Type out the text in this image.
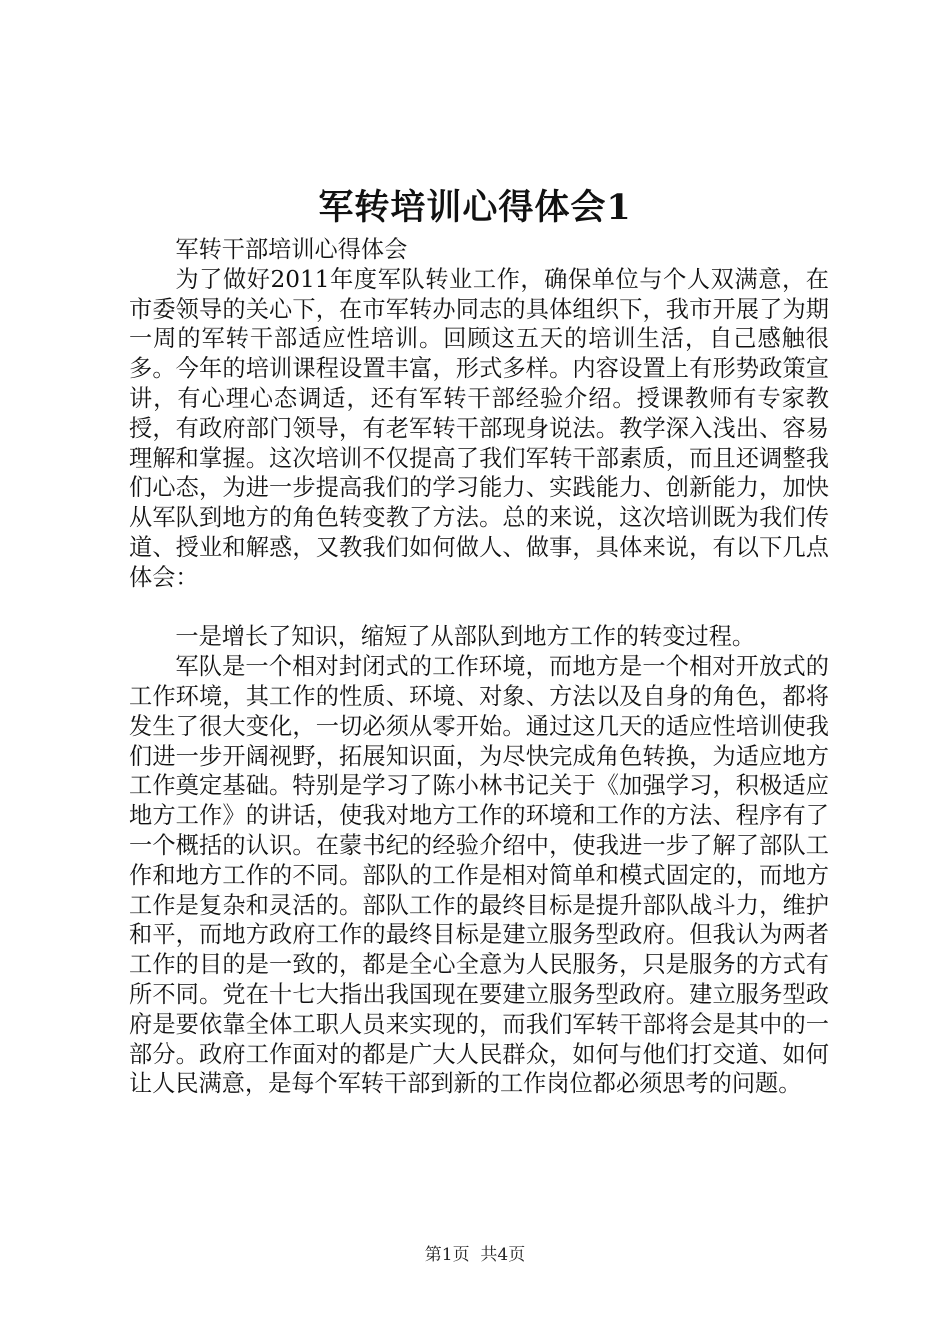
军转培训心得体会1

军转干部培训心得体会

为了做好2011年度军队转业工作，确保单位与个人双满意，在市委领导的关心下，在市军转办同志的具体组织下，我市开展了为期一周的军转干部适应性培训。回顾这五天的培训生活，自己感触很多。今年的培训课程设置丰富，形式多样。内容设置上有形势政策宣讲，有心理心态调适，还有军转干部经验介绍。授课教师有专家教授，有政府部门领导，有老军转干部现身说法。教学深入浅出、容易理解和掌握。这次培训不仅提高了我们军转干部素质，而且还调整我们心态，为进一步提高我们的学习能力、实践能力、创新能力，加快从军队到地方的角色转变教了方法。总的来说，这次培训既为我们传道、授业和解惑，又教我们如何做人、做事，具体来说，有以下几点体会：

一是增长了知识，缩短了从部队到地方工作的转变过程。

军队是一个相对封闭式的工作环境，而地方是一个相对开放式的工作环境，其工作的性质、环境、对象、方法以及自身的角色，都将发生了很大变化，一切必须从零开始。通过这几天的适应性培训使我们进一步开阔视野，拓展知识面，为尽快完成角色转换，为适应地方工作奠定基础。特别是学习了陈小林书记关于《加强学习，积极适应地方工作》的讲话，使我对地方工作的环境和工作的方法、程序有了一个概括的认识。在蒙书纪的经验介绍中，使我进一步了解了部队工作和地方工作的不同。部队的工作是相对简单和模式固定的，而地方工作是复杂和灵活的。部队工作的最终目标是提升部队战斗力，维护和平，而地方政府工作的最终目标是建立服务型政府。但我认为两者工作的目的是一致的，都是全心全意为人民服务，只是服务的方式有所不同。党在十七大指出我国现在要建立服务型政府。建立服务型政府是要依靠全体工职人员来实现的，而我们军转干部将会是其中的一部分。政府工作面对的都是广大人民群众，如何与他们打交道、如何让人民满意，是每个军转干部到新的工作岗位都必须思考的问题。

第1页  共4页
